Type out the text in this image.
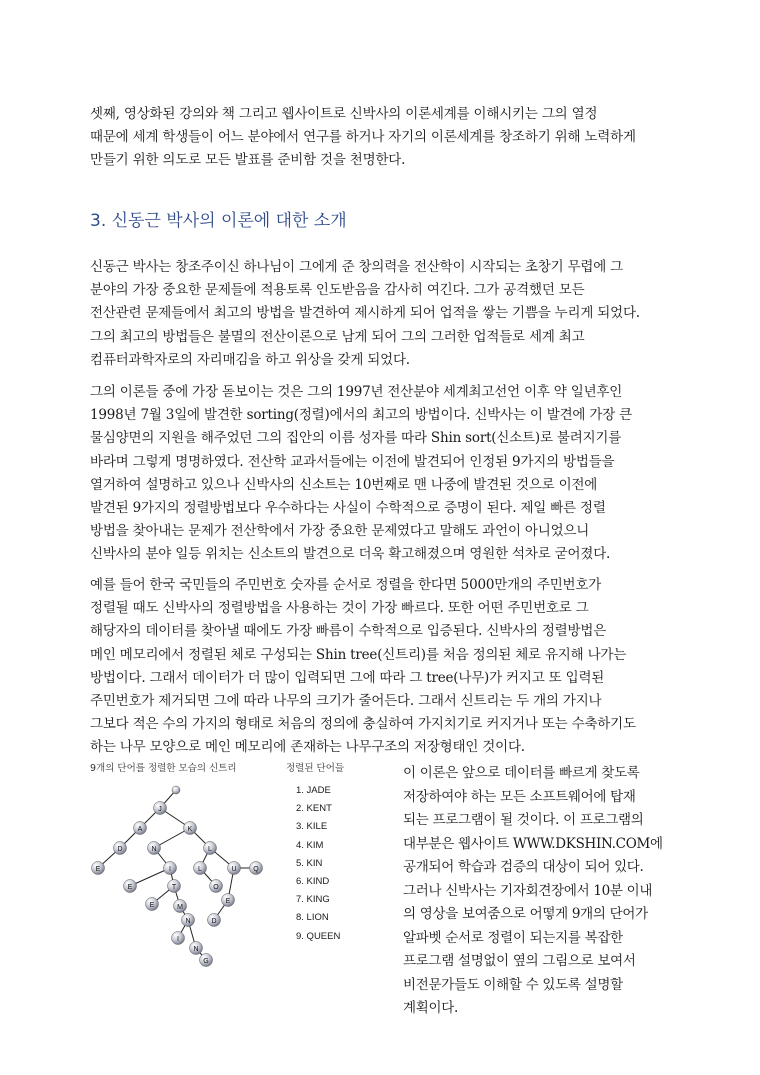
셋째, 영상화된 강의와 책 그리고 웹사이트로 신박사의 이론세계를 이해시키는 그의 열정
때문에 세계 학생들이 어느 분야에서 연구를 하거나 자기의 이론세계를 창조하기 위해 노력하게
만들기 위한 의도로 모든 발표를 준비함 것을 천명한다.

3. 신동근 박사의 이론에 대한 소개

신동근 박사는 창조주이신 하나님이 그에게 준 창의력을 전산학이 시작되는 초창기 무렵에 그
분야의 가장 중요한 문제들에 적용토록 인도받음을 감사히 여긴다. 그가 공격했던 모든
전산관련 문제들에서 최고의 방법을 발견하여 제시하게 되어 업적을 쌓는 기쁨을 누리게 되었다.
그의 최고의 방법들은 불멸의 전산이론으로 남게 되어 그의 그러한 업적들로 세계 최고
컴퓨터과학자로의 자리매김을 하고 위상을 갖게 되었다.

그의 이론들 중에 가장 돋보이는 것은 그의 1997년 전산분야 세계최고선언 이후 약 일년후인
1998년 7월 3일에 발견한 sorting(정렬)에서의 최고의 방법이다. 신박사는 이 발견에 가장 큰
물심양면의 지원을 해주었던 그의 집안의 이름 성자를 따라 Shin sort(신소트)로 불려지기를
바라며 그렇게 명명하였다. 전산학 교과서들에는 이전에 발견되어 인정된 9가지의 방법들을
열거하여 설명하고 있으나 신박사의 신소트는 10번째로 맨 나중에 발견된 것으로 이전에
발견된 9가지의 정렬방법보다 우수하다는 사실이 수학적으로 증명이 된다. 제일 빠른 정렬
방법을 찾아내는 문제가 전산학에서 가장 중요한 문제였다고 말해도 과언이 아니었으니
신박사의 분야 일등 위치는 신소트의 발견으로 더욱 확고해졌으며 영원한 석차로 굳어졌다.

예를 들어 한국 국민들의 주민번호 숫자를 순서로 정렬을 한다면 5000만개의 주민번호가
정렬될 때도 신박사의 정렬방법을 사용하는 것이 가장 빠르다. 또한 어떤 주민번호로 그
해당자의 데이터를 찾아낼 때에도 가장 빠름이 수학적으로 입증된다. 신박사의 정렬방법은
메인 메모리에서 정렬된 체로 구성되는 Shin tree(신트리)를 처음 정의된 체로 유지해 나가는
방법이다. 그래서 데이터가 더 많이 입력되면 그에 따라 그 tree(나무)가 커지고 또 입력된
주민번호가 제거되면 그에 따라 나무의 크기가 줄어든다. 그래서 신트리는 두 개의 가지나
그보다 적은 수의 가지의 형태로 처음의 정의에 충실하여 가지치기로 커지거나 또는 수축하기도
하는 나무 모양으로 메인 메모리에 존재하는 나무구조의 저장형태인 것이다.

9개의 단어를 정렬한 모습의 신트리	정렬된 단어들
1. JADE
2. KENT
3. KILE
4. KIM
5. KIN
6. KIND
7. KING
8. LION
9. QUEEN
J
A	K
D
E
N
I
L
E	T
L
O
U Q
E	M
N
E
I
D
N
G

이 이론은 앞으로 데이터를 빠르게 찾도록
저장하여야 하는 모든 소프트웨어에 탑재
되는 프로그램이 될 것이다. 이 프로그램의
대부분은 웹사이트 WWW.DKSHIN.COM에
공개되어 학습과 검증의 대상이 되어 있다.
그러나 신박사는 기자회견장에서 10분 이내
의 영상을 보여줌으로 어떻게 9개의 단어가
알파벳 순서로 정렬이 되는지를 복잡한
프로그램 설명없이 옆의 그림으로 보여서
비전문가들도 이해할 수 있도록 설명할
계획이다.
